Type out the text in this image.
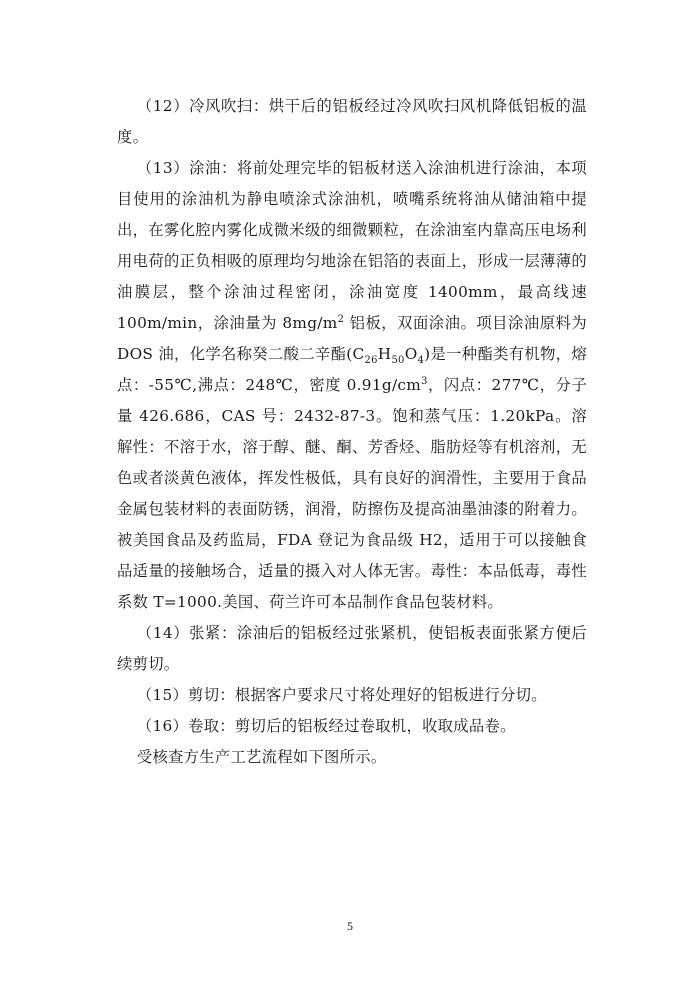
（12）冷风吹扫：烘干后的铝板经过冷风吹扫风机降低铝板的温度。

（13）涂油：将前处理完毕的铝板材送入涂油机进行涂油，本项目使用的涂油机为静电喷涂式涂油机，喷嘴系统将油从储油箱中提出，在雾化腔内雾化成微米级的细微颗粒，在涂油室内靠高压电场利用电荷的正负相吸的原理均匀地涂在铝箔的表面上，形成一层薄薄的油膜层，整个涂油过程密闭，涂油宽度 1400mm，最高线速 100m/min，涂油量为 $8mg/m^2$ 铝板，双面涂油。项目涂油原料为 DOS 油，化学名称癸二酸二辛酯$(C_{26}H_{50}O_4)$是一种酯类有机物，熔点：-55℃,沸点：248℃，密度 $0.91g/cm^3$，闪点：277℃，分子量 426.686，CAS 号：2432-87-3。饱和蒸气压：1.20kPa。溶解性：不溶于水，溶于醇、醚、酮、芳香烃、脂肪烃等有机溶剂，无色或者淡黄色液体，挥发性极低，具有良好的润滑性，主要用于食品金属包装材料的表面防锈，润滑，防擦伤及提高油墨油漆的附着力。被美国食品及药监局，FDA 登记为食品级 H2，适用于可以接触食品适量的接触场合，适量的摄入对人体无害。毒性：本品低毒，毒性系数 T=1000.美国、荷兰许可本品制作食品包装材料。

（14）张紧：涂油后的铝板经过张紧机，使铝板表面张紧方便后续剪切。

（15）剪切：根据客户要求尺寸将处理好的铝板进行分切。

（16）卷取：剪切后的铝板经过卷取机，收取成品卷。

受核查方生产工艺流程如下图所示。

5
